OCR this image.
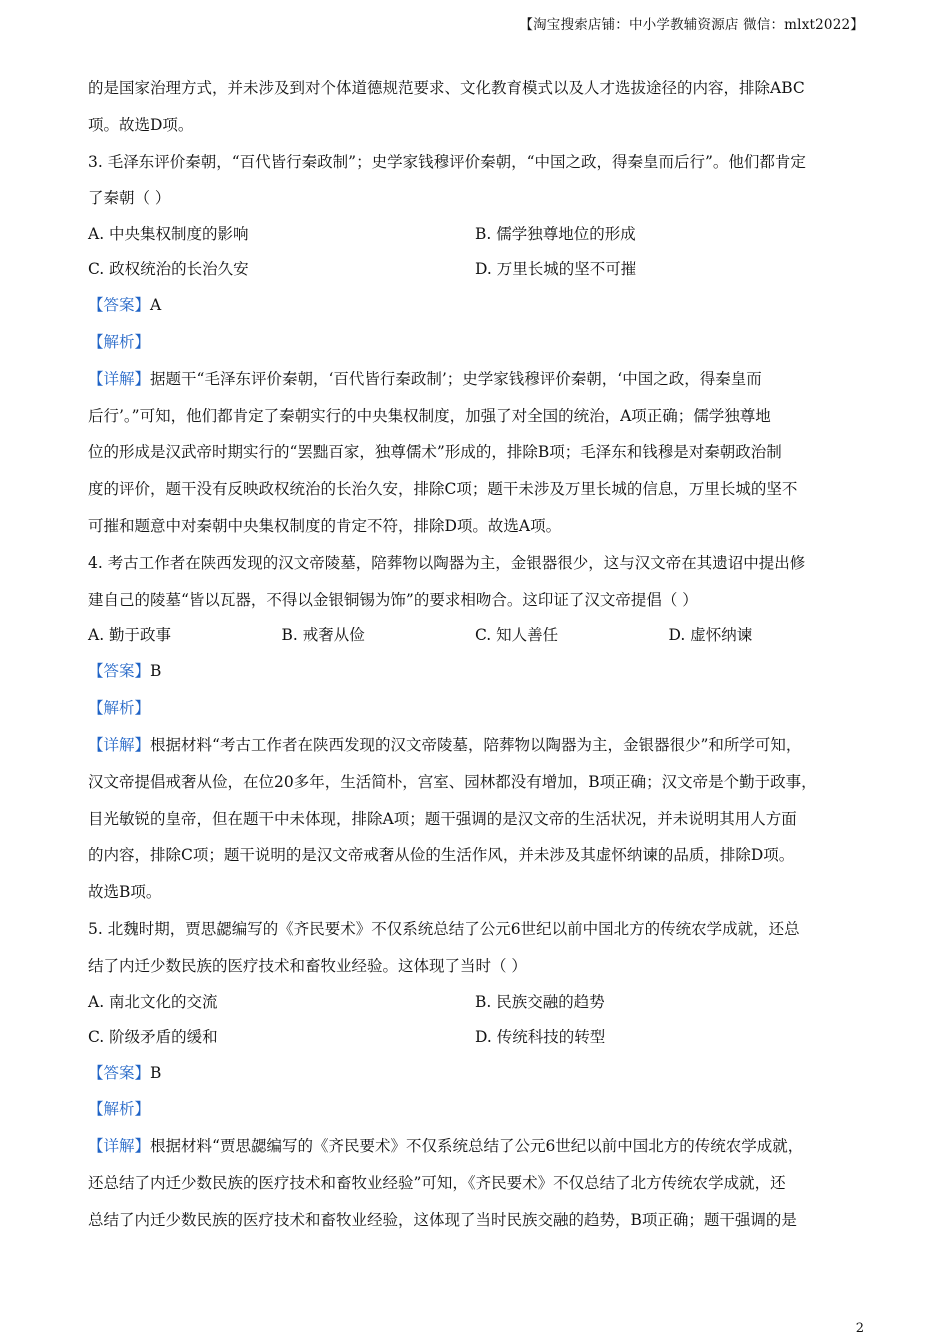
【淘宝搜索店铺：中小学教辅资源店 微信：mlxt2022】
的是国家治理方式，并未涉及到对个体道德规范要求、文化教育模式以及人才选拔途径的内容，排除ABC
项。故选D项。
3. 毛泽东评价秦朝，“百代皆行秦政制”；史学家钱穆评价秦朝，“中国之政，得秦皇而后行”。他们都肯定
了秦朝（ ）
A. 中央集权制度的影响	B. 儒学独尊地位的形成
C. 政权统治的长治久安	D. 万里长城的坚不可摧
【答案】A
【解析】
【详解】据题干“毛泽东评价秦朝，‘百代皆行秦政制’；史学家钱穆评价秦朝，‘中国之政，得秦皇而
后行’。”可知，他们都肯定了秦朝实行的中央集权制度，加强了对全国的统治，A项正确；儒学独尊地
位的形成是汉武帝时期实行的“罢黜百家，独尊儒术”形成的，排除B项；毛泽东和钱穆是对秦朝政治制
度的评价，题干没有反映政权统治的长治久安，排除C项；题干未涉及万里长城的信息，万里长城的坚不
可摧和题意中对秦朝中央集权制度的肯定不符，排除D项。故选A项。
4. 考古工作者在陕西发现的汉文帝陵墓，陪葬物以陶器为主，金银器很少，这与汉文帝在其遗诏中提出修
建自己的陵墓“皆以瓦器，不得以金银铜锡为饰”的要求相吻合。这印证了汉文帝提倡（ ）
A. 勤于政事	B. 戒奢从俭	C. 知人善任	D. 虚怀纳谏
【答案】B
【解析】
【详解】根据材料“考古工作者在陕西发现的汉文帝陵墓，陪葬物以陶器为主，金银器很少”和所学可知，
汉文帝提倡戒奢从俭，在位20多年，生活简朴，宫室、园林都没有增加，B项正确；汉文帝是个勤于政事，
目光敏锐的皇帝，但在题干中未体现，排除A项；题干强调的是汉文帝的生活状况，并未说明其用人方面
的内容，排除C项；题干说明的是汉文帝戒奢从俭的生活作风，并未涉及其虚怀纳谏的品质，排除D项。
故选B项。
5. 北魏时期，贾思勰编写的《齐民要术》不仅系统总结了公元6世纪以前中国北方的传统农学成就，还总
结了内迁少数民族的医疗技术和畜牧业经验。这体现了当时（ ）
A. 南北文化的交流	B. 民族交融的趋势
C. 阶级矛盾的缓和	D. 传统科技的转型
【答案】B
【解析】
【详解】根据材料“贾思勰编写的《齐民要术》不仅系统总结了公元6世纪以前中国北方的传统农学成就，
还总结了内迁少数民族的医疗技术和畜牧业经验”可知，《齐民要术》不仅总结了北方传统农学成就，还
总结了内迁少数民族的医疗技术和畜牧业经验，这体现了当时民族交融的趋势，B项正确；题干强调的是
2
